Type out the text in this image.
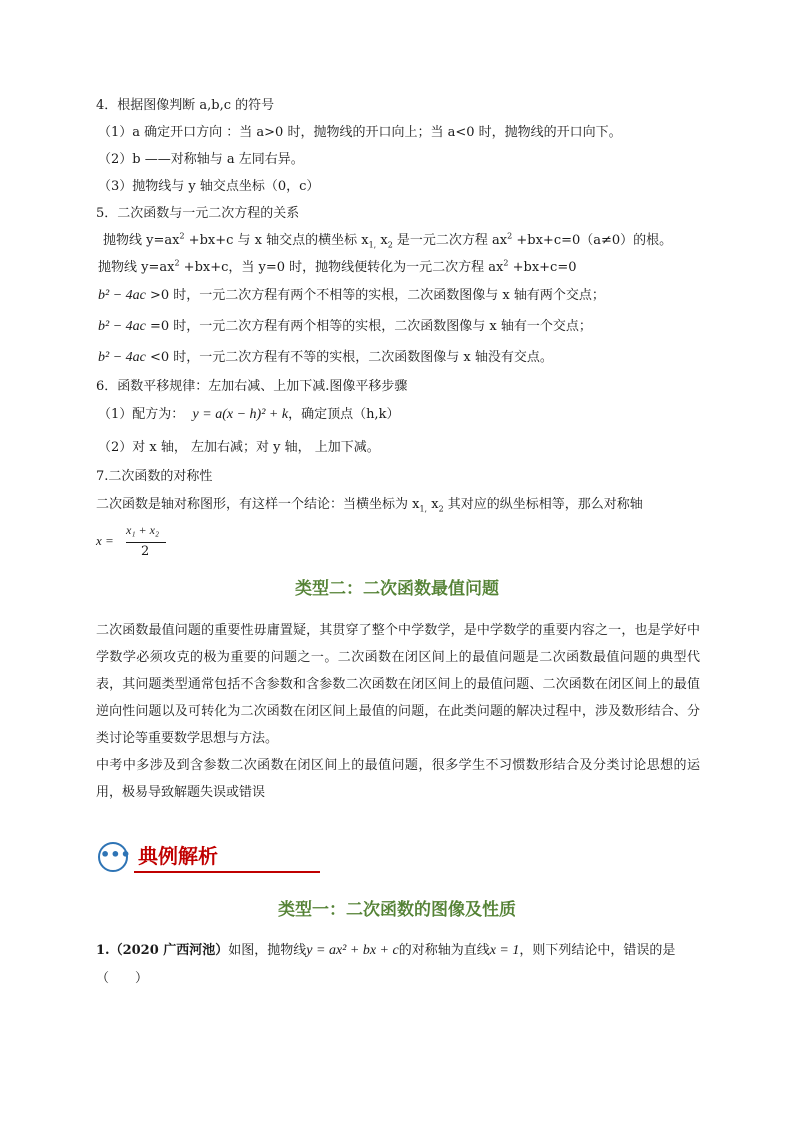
4．根据图像判断 a,b,c 的符号
（1）a 确定开口方向 ：当 a>0 时，抛物线的开口向上；当 a<0 时，抛物线的开口向下。
（2）b ——对称轴与 a 左同右异。
（3）抛物线与 y 轴交点坐标（0，c）
5．二次函数与一元二次方程的关系
抛物线 $y=ax^2 +bx+c$ 与 x 轴交点的横坐标 $x_{1,}$ $x_2$ 是一元二次方程 $ax^2 +bx+c=0(a\ne 0)$的根。
抛物线 $y=ax^2 +bx+c$，当 y=0 时，抛物线便转化为一元二次方程 $ax^2 +bx+c=0$
b² − 4ac >0 时，一元二次方程有两个不相等的实根，二次函数图像与 x 轴有两个交点；
b² − 4ac =0 时，一元二次方程有两个相等的实根，二次函数图像与 x 轴有一个交点；
b² − 4ac <0 时，一元二次方程有不等的实根，二次函数图像与 x 轴没有交点。
6．函数平移规律：左加右减、上加下减.图像平移步骤
（1）配方为： y = a(x − h)² + k，确定顶点（h,k）
（2）对 x 轴， 左加右减；对 y 轴， 上加下减。
7.二次函数的对称性
二次函数是轴对称图形，有这样一个结论：当横坐标为 $x_{1,}$ $x_2$ 其对应的纵坐标相等，那么对称轴
x =
x₁ + x₂
2
类型二：二次函数最值问题
二次函数最值问题的重要性毋庸置疑，其贯穿了整个中学数学，是中学数学的重要内容之一，也是学好中学数学必须攻克的极为重要的问题之一。二次函数在闭区间上的最值问题是二次函数最值问题的典型代表，其问题类型通常包括不含参数和含参数二次函数在闭区间上的最值问题、二次函数在闭区间上的最值逆向性问题以及可转化为二次函数在闭区间上最值的问题，在此类问题的解决过程中，涉及数形结合、分类讨论等重要数学思想与方法。
中考中多涉及到含参数二次函数在闭区间上的最值问题，很多学生不习惯数形结合及分类讨论思想的运用，极易导致解题失误或错误
••• 典例解析
类型一：二次函数的图像及性质
1.（2020 广西河池）如图，抛物线y = ax² + bx + c的对称轴为直线x = 1，则下列结论中，错误的是
（　　）
